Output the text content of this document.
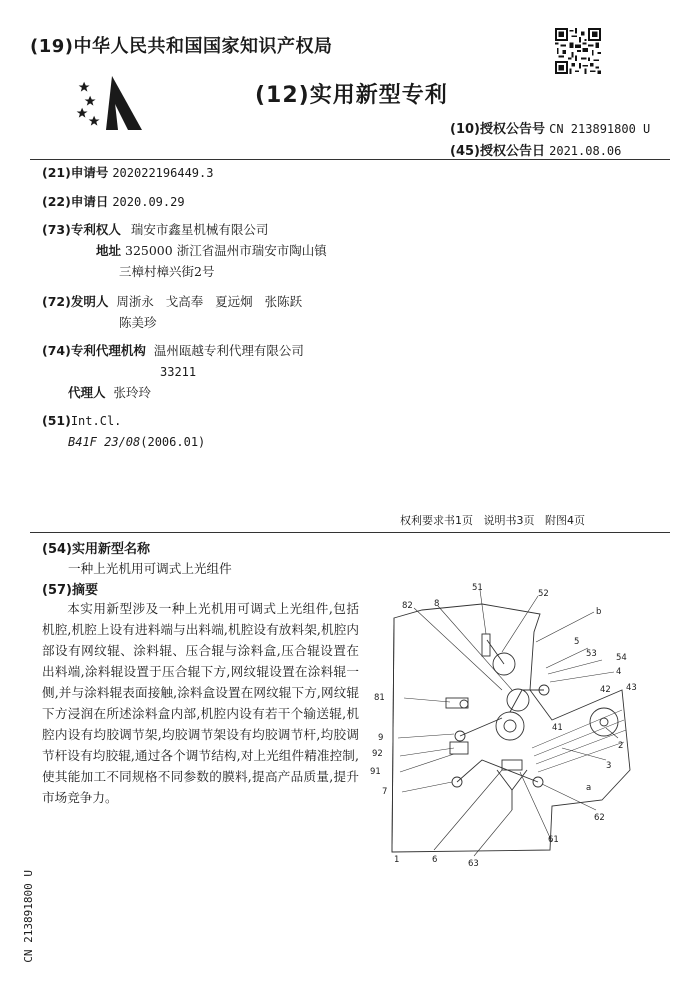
(19)中华人民共和国国家知识产权局
(12)实用新型专利
(10)授权公告号 CN 213891800 U
(45)授权公告日 2021.08.06
(21)申请号 202022196449.3
(22)申请日 2020.09.29
(73)专利权人 瑞安市鑫星机械有限公司
地址 325000 浙江省温州市瑞安市陶山镇
三樟村樟兴街2号
(72)发明人 周浙永   戈高奉   夏远炯   张陈跃
陈美珍
(74)专利代理机构 温州瓯越专利代理有限公司
33211
代理人 张玲玲
(51)Int.Cl.
B41F 23/08(2006.01)
权利要求书1页   说明书3页   附图4页
(54)实用新型名称
一种上光机用可调式上光组件
(57)摘要

本实用新型涉及一种上光机用可调式上光组件,包括机腔,机腔上设有进料端与出料端,机腔设有放料架,机腔内部设有网纹辊、涂料辊、压合辊与涂料盒,压合辊设置在出料端,涂料辊设置于压合辊下方,网纹辊设置在涂料辊一侧,并与涂料辊表面接触,涂料盒设置在网纹辊下方,网纹辊下方浸润在所述涂料盒内部,机腔内设有若干个输送辊,机腔内设有均胶调节架,均胶调节架设有均胶调节杆,均胶调节杆设有均胶辊,通过各个调节结构,对上光组件精准控制,使其能加工不同规格不同参数的膜料,提高产品质量,提升市场竞争力。

CN 213891800 U
51
52
82 8
b
5
53 54
4
42 43
81
41
9
92
91
7
3
2
a
62
61
1	6	63
